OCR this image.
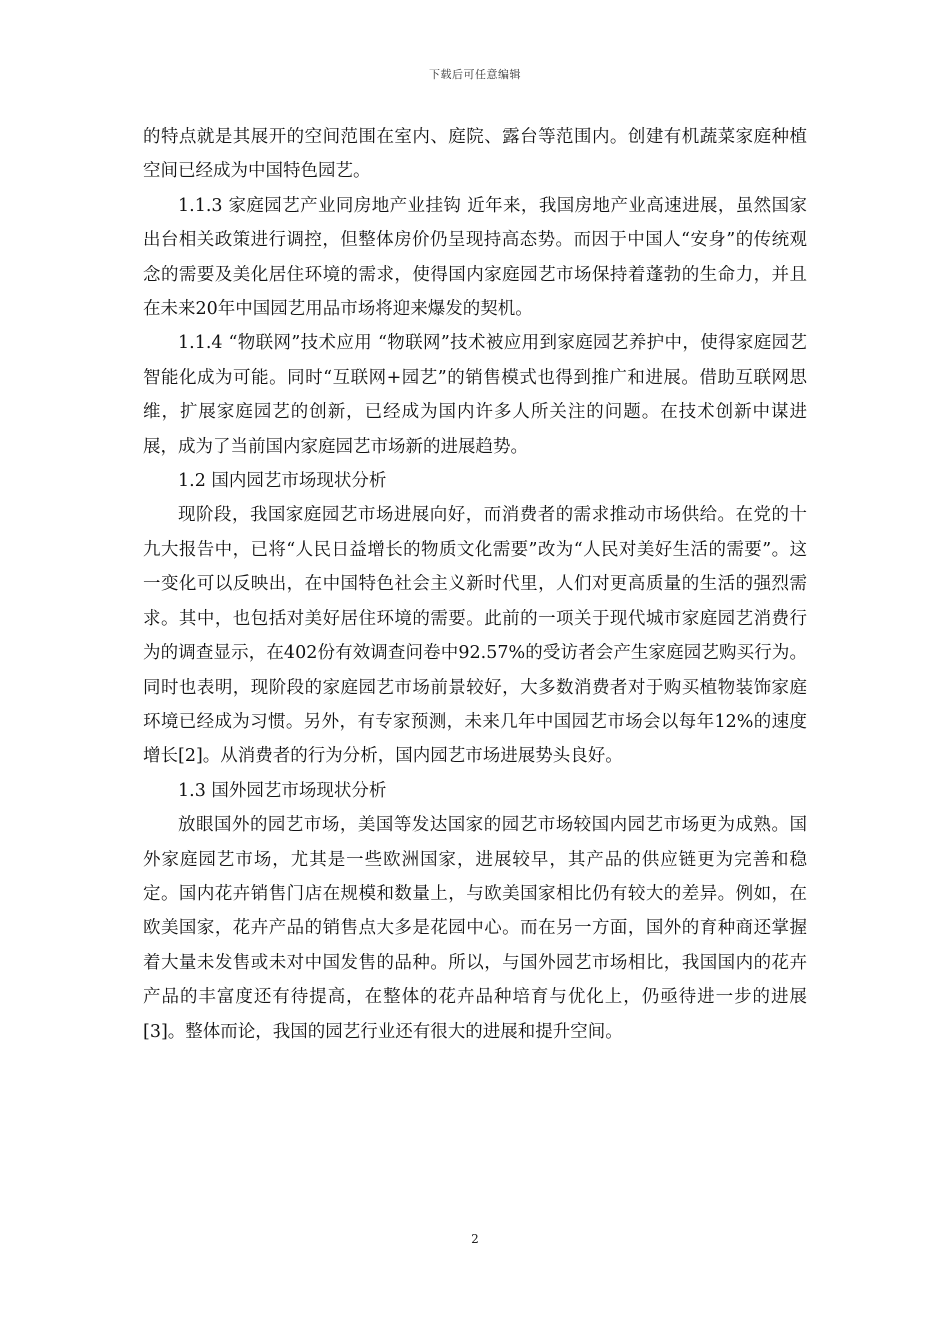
下载后可任意编辑

的特点就是其展开的空间范围在室内、庭院、露台等范围内。创建有机蔬菜家庭种植空间已经成为中国特色园艺。

1.1.3 家庭园艺产业同房地产业挂钩 近年来，我国房地产业高速进展，虽然国家出台相关政策进行调控，但整体房价仍呈现持高态势。而因于中国人“安身”的传统观念的需要及美化居住环境的需求，使得国内家庭园艺市场保持着蓬勃的生命力，并且在未来20年中国园艺用品市场将迎来爆发的契机。

1.1.4 “物联网”技术应用 “物联网”技术被应用到家庭园艺养护中，使得家庭园艺智能化成为可能。同时“互联网+园艺”的销售模式也得到推广和进展。借助互联网思维，扩展家庭园艺的创新，已经成为国内许多人所关注的问题。在技术创新中谋进展，成为了当前国内家庭园艺市场新的进展趋势。

1.2 国内园艺市场现状分析

现阶段，我国家庭园艺市场进展向好，而消费者的需求推动市场供给。在党的十九大报告中，已将“人民日益增长的物质文化需要”改为“人民对美好生活的需要”。这一变化可以反映出，在中国特色社会主义新时代里，人们对更高质量的生活的强烈需求。其中，也包括对美好居住环境的需要。此前的一项关于现代城市家庭园艺消费行为的调查显示，在402份有效调查问卷中92.57%的受访者会产生家庭园艺购买行为。同时也表明，现阶段的家庭园艺市场前景较好，大多数消费者对于购买植物装饰家庭环境已经成为习惯。另外，有专家预测，未来几年中国园艺市场会以每年12%的速度增长[2]。从消费者的行为分析，国内园艺市场进展势头良好。

1.3 国外园艺市场现状分析

放眼国外的园艺市场，美国等发达国家的园艺市场较国内园艺市场更为成熟。国外家庭园艺市场，尤其是一些欧洲国家，进展较早，其产品的供应链更为完善和稳定。国内花卉销售门店在规模和数量上，与欧美国家相比仍有较大的差异。例如，在欧美国家，花卉产品的销售点大多是花园中心。而在另一方面，国外的育种商还掌握着大量未发售或未对中国发售的品种。所以，与国外园艺市场相比，我国国内的花卉产品的丰富度还有待提高，在整体的花卉品种培育与优化上，仍亟待进一步的进展[3]。整体而论，我国的园艺行业还有很大的进展和提升空间。

2
